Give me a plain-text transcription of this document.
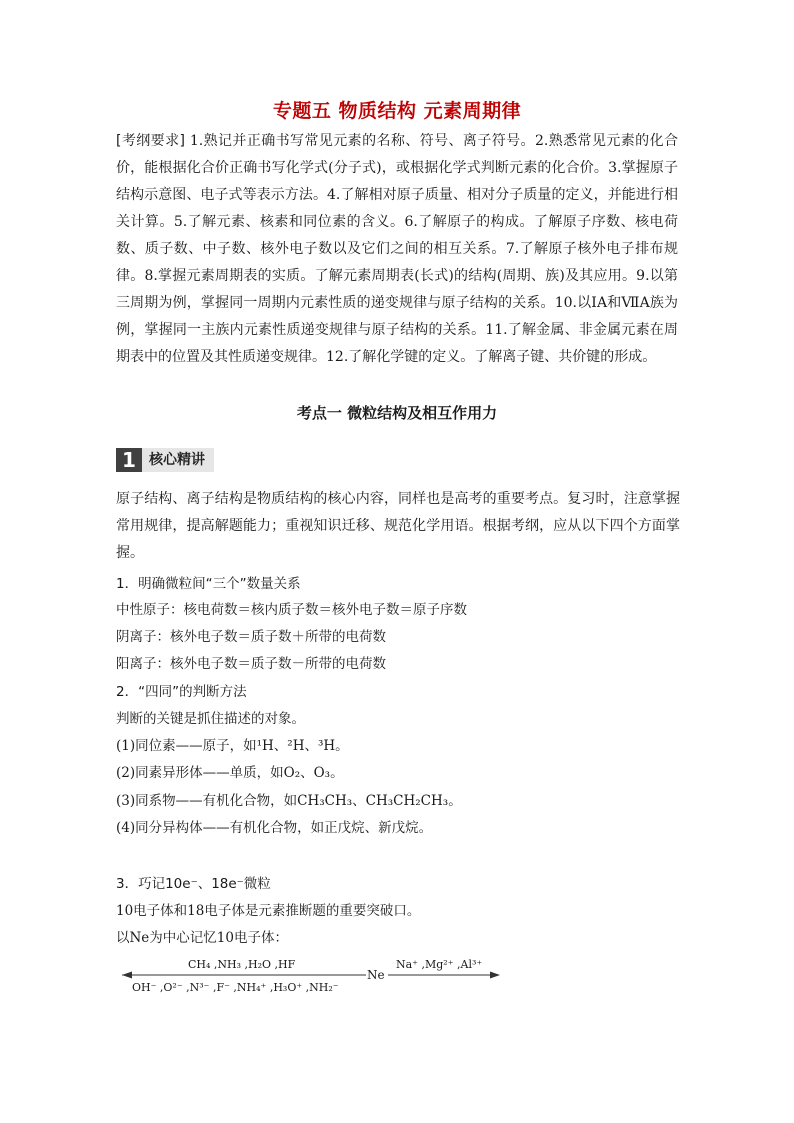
专题五 物质结构 元素周期律
[考纲要求] 1.熟记并正确书写常见元素的名称、符号、离子符号。2.熟悉常见元素的化合价，能根据化合价正确书写化学式(分子式)，或根据化学式判断元素的化合价。3.掌握原子结构示意图、电子式等表示方法。4.了解相对原子质量、相对分子质量的定义，并能进行相关计算。5.了解元素、核素和同位素的含义。6.了解原子的构成。了解原子序数、核电荷数、质子数、中子数、核外电子数以及它们之间的相互关系。7.了解原子核外电子排布规律。8.掌握元素周期表的实质。了解元素周期表(长式)的结构(周期、族)及其应用。9.以第三周期为例，掌握同一周期内元素性质的递变规律与原子结构的关系。10.以ⅠA和ⅦA族为例，掌握同一主族内元素性质递变规律与原子结构的关系。11.了解金属、非金属元素在周期表中的位置及其性质递变规律。12.了解化学键的定义。了解离子键、共价键的形成。
考点一 微粒结构及相互作用力
1 核心精讲
原子结构、离子结构是物质结构的核心内容，同样也是高考的重要考点。复习时，注意掌握常用规律，提高解题能力；重视知识迁移、规范化学用语。根据考纲，应从以下四个方面掌握。
1．明确微粒间“三个”数量关系
中性原子：核电荷数＝核内质子数＝核外电子数＝原子序数
阴离子：核外电子数＝质子数＋所带的电荷数
阳离子：核外电子数＝质子数－所带的电荷数
2．“四同”的判断方法
判断的关键是抓住描述的对象。
(1)同位素——原子，如¹H、²H、³H。
(2)同素异形体——单质，如O₂、O₃。
(3)同系物——有机化合物，如CH₃CH₃、CH₃CH₂CH₃。
(4)同分异构体——有机化合物，如正戊烷、新戊烷。
3．巧记10e⁻、18e⁻微粒
10电子体和18电子体是元素推断题的重要突破口。
以Ne为中心记忆10电子体：
CH₄ ,NH₃ ,H₂O ,HF
OH⁻ ,O²⁻ ,N³⁻ ,F⁻ ,NH₄⁺ ,H₃O⁺ ,NH₂⁻
Ne
Na⁺ ,Mg²⁺ ,Al³⁺
